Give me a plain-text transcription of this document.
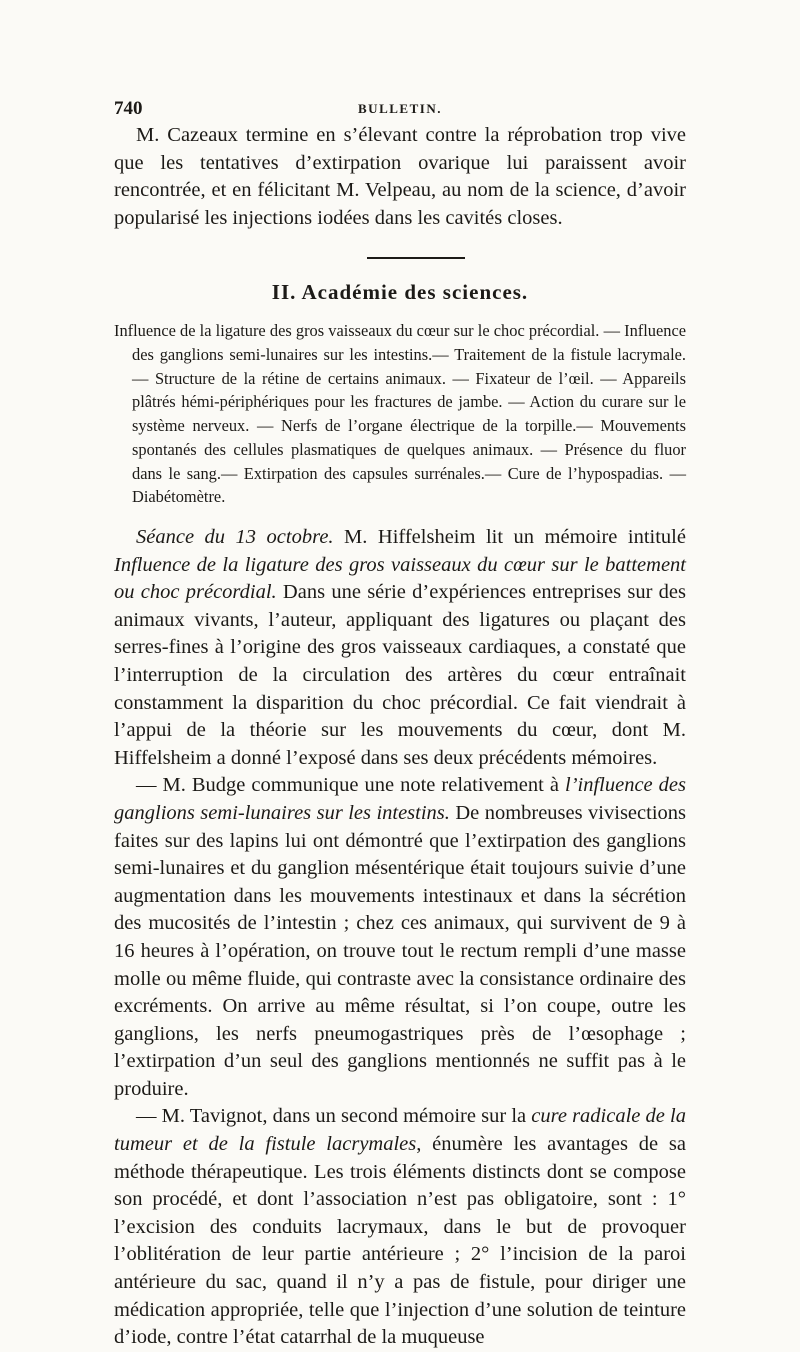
740	BULLETIN.

M. Cazeaux termine en s’élevant contre la réprobation trop vive que les tentatives d’extirpation ovarique lui paraissent avoir rencontrée, et en félicitant M. Velpeau, au nom de la science, d’avoir popularisé les injections iodées dans les cavités closes.

II. Académie des sciences.

Influence de la ligature des gros vaisseaux du cœur sur le choc précordial. — Influence des ganglions semi-lunaires sur les intestins.— Traitement de la fistule lacrymale. — Structure de la rétine de certains animaux. — Fixateur de l’œil. — Appareils plâtrés hémi-périphériques pour les fractures de jambe. — Action du curare sur le système nerveux. — Nerfs de l’organe électrique de la torpille.— Mouvements spontanés des cellules plasmatiques de quelques animaux. — Présence du fluor dans le sang.— Extirpation des capsules surrénales.— Cure de l’hypospadias. — Diabétomètre.

Séance du 13 octobre. M. Hiffelsheim lit un mémoire intitulé Influence de la ligature des gros vaisseaux du cœur sur le battement ou choc précordial. Dans une série d’expériences entreprises sur des animaux vivants, l’auteur, appliquant des ligatures ou plaçant des serres-fines à l’origine des gros vaisseaux cardiaques, a constaté que l’interruption de la circulation des artères du cœur entraînait constamment la disparition du choc précordial. Ce fait viendrait à l’appui de la théorie sur les mouvements du cœur, dont M. Hiffelsheim a donné l’exposé dans ses deux précédents mémoires.

— M. Budge communique une note relativement à l’influence des ganglions semi-lunaires sur les intestins. De nombreuses vivisections faites sur des lapins lui ont démontré que l’extirpation des ganglions semi-lunaires et du ganglion mésentérique était toujours suivie d’une augmentation dans les mouvements intestinaux et dans la sécrétion des mucosités de l’intestin ; chez ces animaux, qui survivent de 9 à 16 heures à l’opération, on trouve tout le rectum rempli d’une masse molle ou même fluide, qui contraste avec la consistance ordinaire des excréments. On arrive au même résultat, si l’on coupe, outre les ganglions, les nerfs pneumogastriques près de l’œsophage ; l’extirpation d’un seul des ganglions mentionnés ne suffit pas à le produire.

— M. Tavignot, dans un second mémoire sur la cure radicale de la tumeur et de la fistule lacrymales, énumère les avantages de sa méthode thérapeutique. Les trois éléments distincts dont se compose son procédé, et dont l’association n’est pas obligatoire, sont : 1° l’excision des conduits lacrymaux, dans le but de provoquer l’oblitération de leur partie antérieure ; 2° l’incision de la paroi antérieure du sac, quand il n’y a pas de fistule, pour diriger une médication appropriée, telle que l’injection d’une solution de teinture d’iode, contre l’état catarrhal de la muqueuse
